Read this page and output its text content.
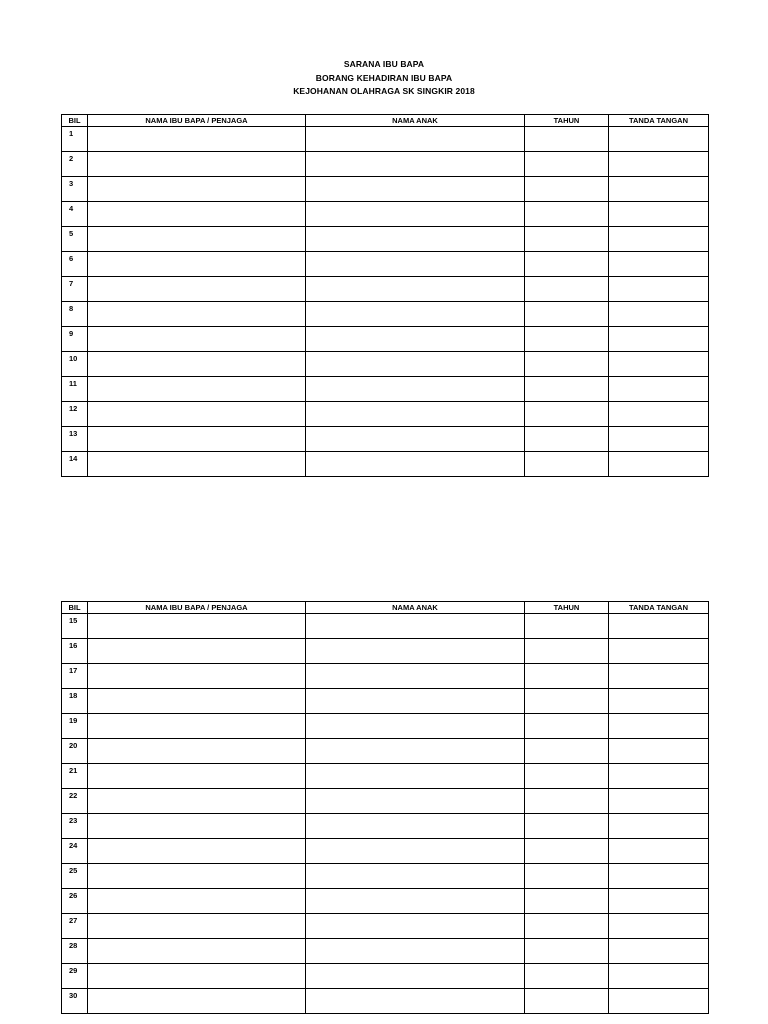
SARANA IBU BAPA
BORANG KEHADIRAN IBU BAPA
KEJOHANAN OLAHRAGA SK SINGKIR 2018
BIL	NAMA IBU BAPA / PENJAGA	NAMA ANAK	TAHUN	TANDA TANGAN
1				
2				
3				
4				
5				
6				
7				
8				
9				
10				
11				
12				
13				
14				
BIL	NAMA IBU BAPA / PENJAGA	NAMA ANAK	TAHUN	TANDA TANGAN
15				
16				
17				
18				
19				
20				
21				
22				
23				
24				
25				
26				
27				
28				
29				
30				
